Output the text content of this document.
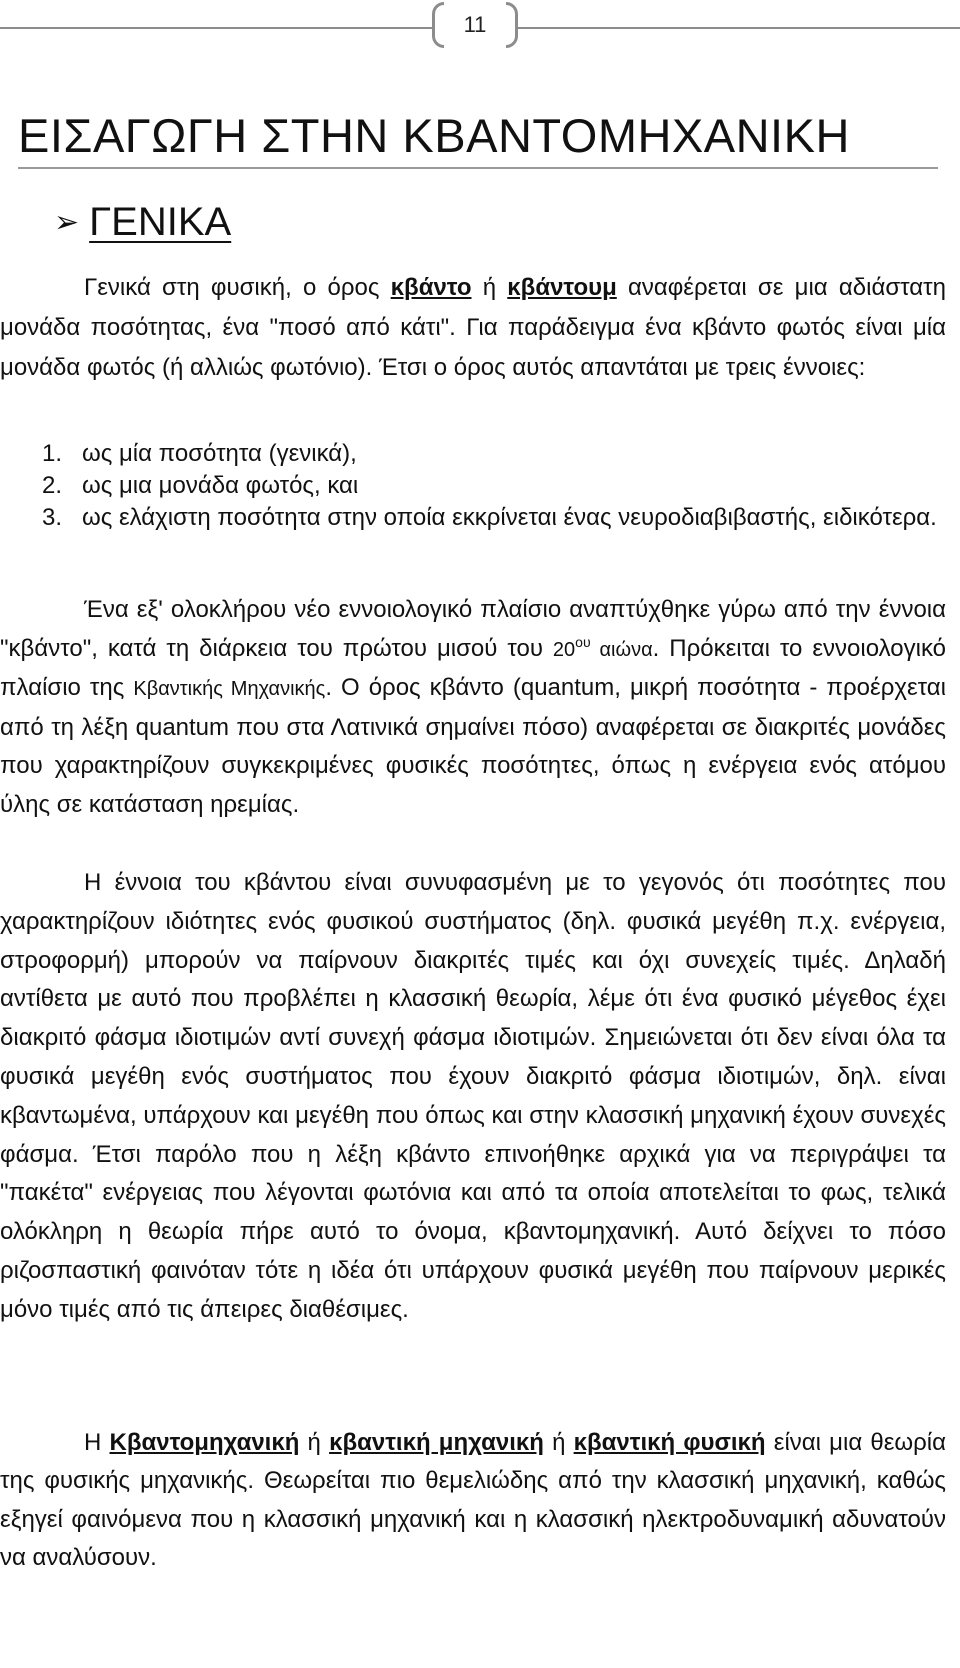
11
ΕΙΣΑΓΩΓΗ ΣΤΗΝ ΚΒΑΝΤΟΜΗΧΑΝΙΚΗ
➢ ΓΕΝΙΚΑ

Γενικά στη φυσική, ο όρος κβάντο ή κβάντουμ αναφέρεται σε μια αδιάστατη μονάδα ποσότητας, ένα "ποσό από κάτι". Για παράδειγμα ένα κβάντο φωτός είναι μία μονάδα φωτός (ή αλλιώς φωτόνιο). Έτσι ο όρος αυτός απαντάται με τρεις έννοιες:

1. ως μία ποσότητα (γενικά),
2. ως μια μονάδα φωτός, και
3. ως ελάχιστη ποσότητα στην οποία εκκρίνεται ένας νευροδιαβιβαστής, ειδικότερα.

Ένα εξ' ολοκλήρου νέο εννοιολογικό πλαίσιο αναπτύχθηκε γύρω από την έννοια "κβάντο", κατά τη διάρκεια του πρώτου μισού του $20^{o\upsilon}$ αιώνα. Πρόκειται το εννοιολογικό πλαίσιο της Κβαντικής Μηχανικής. Ο όρος κβάντο (quantum, μικρή ποσότητα - προέρχεται από τη λέξη quantum που στα Λατινικά σημαίνει πόσο) αναφέρεται σε διακριτές μονάδες που χαρακτηρίζουν συγκεκριμένες φυσικές ποσότητες, όπως η ενέργεια ενός ατόμου ύλης σε κατάσταση ηρεμίας.

Η έννοια του κβάντου είναι συνυφασμένη με το γεγονός ότι ποσότητες που χαρακτηρίζουν ιδιότητες ενός φυσικού συστήματος (δηλ. φυσικά μεγέθη π.χ. ενέργεια, στροφορμή) μπορούν να παίρνουν διακριτές τιμές και όχι συνεχείς τιμές. Δηλαδή αντίθετα με αυτό που προβλέπει η κλασσική θεωρία, λέμε ότι ένα φυσικό μέγεθος έχει διακριτό φάσμα ιδιοτιμών αντί συνεχή φάσμα ιδιοτιμών. Σημειώνεται ότι δεν είναι όλα τα φυσικά μεγέθη ενός συστήματος που έχουν διακριτό φάσμα ιδιοτιμών, δηλ. είναι κβαντωμένα, υπάρχουν και μεγέθη που όπως και στην κλασσική μηχανική έχουν συνεχές φάσμα. Έτσι παρόλο που η λέξη κβάντο επινοήθηκε αρχικά για να περιγράψει τα "πακέτα" ενέργειας που λέγονται φωτόνια και από τα οποία αποτελείται το φως, τελικά ολόκληρη η θεωρία πήρε αυτό το όνομα, κβαντομηχανική. Αυτό δείχνει το πόσο ριζοσπαστική φαινόταν τότε η ιδέα ότι υπάρχουν φυσικά μεγέθη που παίρνουν μερικές μόνο τιμές από τις άπειρες διαθέσιμες.

Η Κβαντομηχανική ή κβαντική μηχανική ή κβαντική φυσική είναι μια θεωρία της φυσικής μηχανικής. Θεωρείται πιο θεμελιώδης από την κλασσική μηχανική, καθώς εξηγεί φαινόμενα που η κλασσική μηχανική και η κλασσική ηλεκτροδυναμική αδυνατούν να αναλύσουν.
